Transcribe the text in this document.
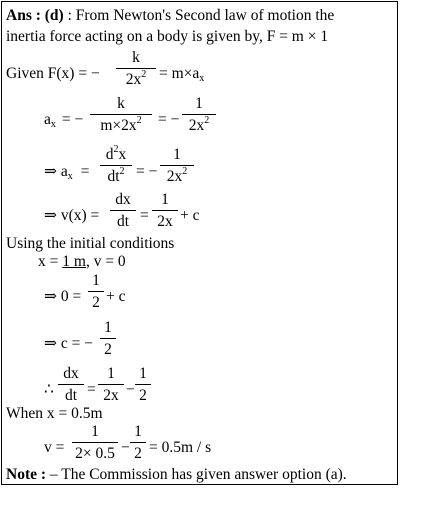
Ans : (d) : From Newton's Second law of motion the
inertia force acting on a body is given by, F = m × 1
Given F(x) = − $\frac{k}{2x^2} = m\times a_x$
$a_x$ = − $\frac{k}{m\times 2x^2}$ = − $\frac{1}{2x^2}$
⇒ $a_x = \frac{d^2x}{dt^2}$ = − $\frac{1}{2x^2}$
⇒ $v(x) = \frac{dx}{dt} = \frac{1}{2x} + c$
Using the initial conditions
x = 1 m, v = 0
⇒ $0 = \frac{1}{2} + c$
⇒ c = − $\frac{1}{2}$
∴ $\frac{dx}{dt} = \frac{1}{2x} - \frac{1}{2}$
When x = 0.5m
$v = \frac{1}{2\times 0.5} - \frac{1}{2} = 0.5m / s$
Note : – The Commission has given answer option (a).
